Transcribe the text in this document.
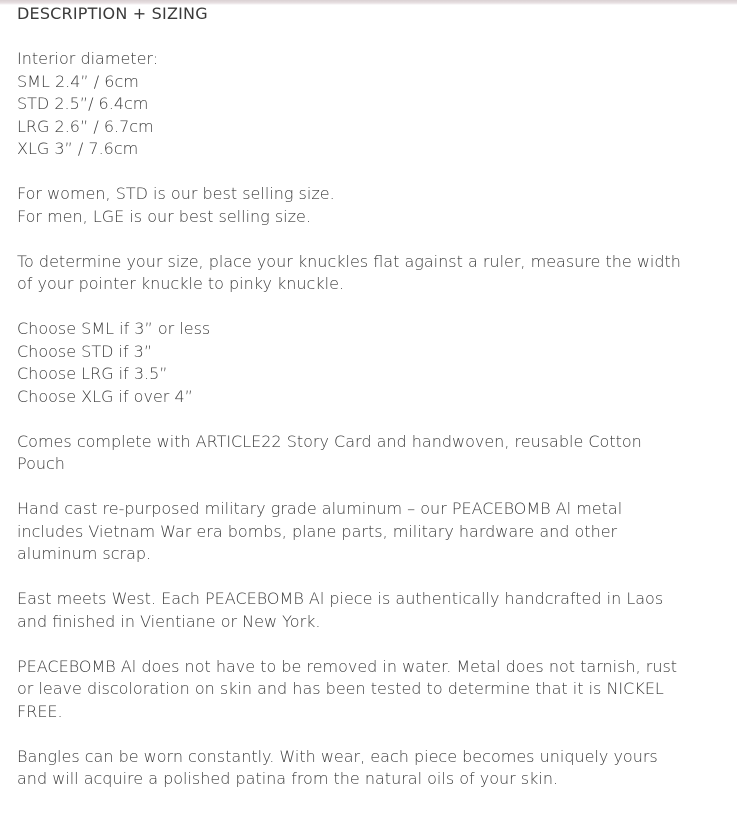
DESCRIPTION + SIZING
Interior diameter:
SML 2.4” / 6cm
STD 2.5”/ 6.4cm
LRG 2.6” / 6.7cm
XLG 3” / 7.6cm
For women, STD is our best selling size.
For men, LGE is our best selling size.
To determine your size, place your knuckles flat against a ruler, measure the width of your pointer knuckle to pinky knuckle.
Choose SML if 3” or less
Choose STD if 3”
Choose LRG if 3.5”
Choose XLG if over 4”
Comes complete with ARTICLE22 Story Card and handwoven, reusable Cotton Pouch
Hand cast re-purposed military grade aluminum – our PEACEBOMB Al metal includes Vietnam War era bombs, plane parts, military hardware and other aluminum scrap.
East meets West. Each PEACEBOMB Al piece is authentically handcrafted in Laos and finished in Vientiane or New York.
PEACEBOMB Al does not have to be removed in water. Metal does not tarnish, rust or leave discoloration on skin and has been tested to determine that it is NICKEL FREE.
Bangles can be worn constantly. With wear, each piece becomes uniquely yours and will acquire a polished patina from the natural oils of your skin.
